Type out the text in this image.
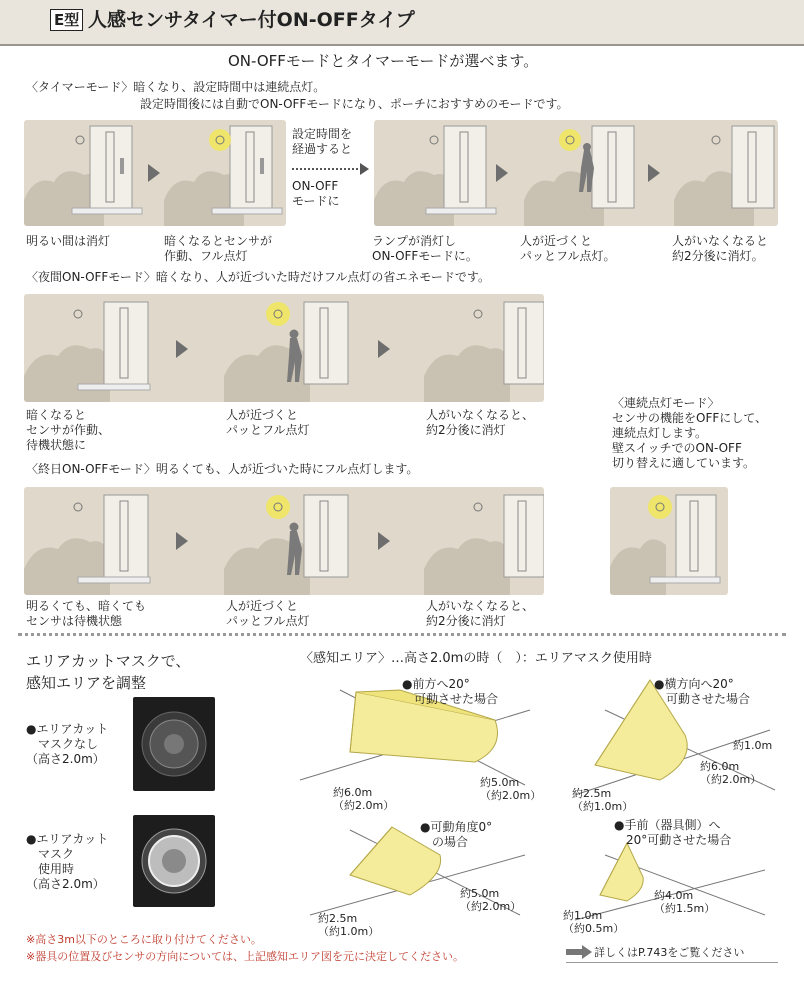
E型 人感センサタイマー付ON-OFFタイプ
ON-OFFモードとタイマーモードが選べます。
〈タイマーモード〉暗くなり、設定時間中は連続点灯。
設定時間後には自動でON-OFFモードになり、ポーチにおすすめのモードです。
設定時間を
経過すると
ON-OFF
モードに
明るい間は消灯	暗くなるとセンサが
作動、フル点灯
ランプが消灯し
ON-OFFモードに。
人が近づくと
パッとフル点灯。
人がいなくなると
約2分後に消灯。
〈夜間ON-OFFモード〉暗くなり、人が近づいた時だけフル点灯の省エネモードです。
暗くなると
センサが作動、
待機状態に
人が近づくと
パッとフル点灯
人がいなくなると、
約2分後に消灯
〈連続点灯モード〉
センサの機能をOFFにして、
連続点灯します。
壁スイッチでのON-OFF
切り替えに適しています。
〈終日ON-OFFモード〉明るくても、人が近づいた時にフル点灯します。
明るくても、暗くても
センサは待機状態
人が近づくと
パッとフル点灯
人がいなくなると、
約2分後に消灯
エリアカットマスクで、
感知エリアを調整
●エリアカット
　マスクなし
（高さ2.0m）
●エリアカット
　マスク
　使用時
（高さ2.0m）
〈感知エリア〉…高さ2.0mの時（　）：エリアマスク使用時
●前方へ20°
　可動させた場合
約5.0m
（約2.0m）
約6.0m
（約2.0m）
●横方向へ20°
　可動させた場合
約1.0m
約6.0m
（約2.0m）
約2.5m
（約1.0m）
●可動角度0°
　の場合
約5.0m
（約2.0m）
約2.5m
（約1.0m）
●手前（器具側）へ
　20°可動させた場合
約4.0m
（約1.5m）
約1.0m
（約0.5m）
※高さ3m以下のところに取り付けてください。
※器具の位置及びセンサの方向については、上記感知エリア図を元に決定してください。	詳しくはP.743をご覧ください
